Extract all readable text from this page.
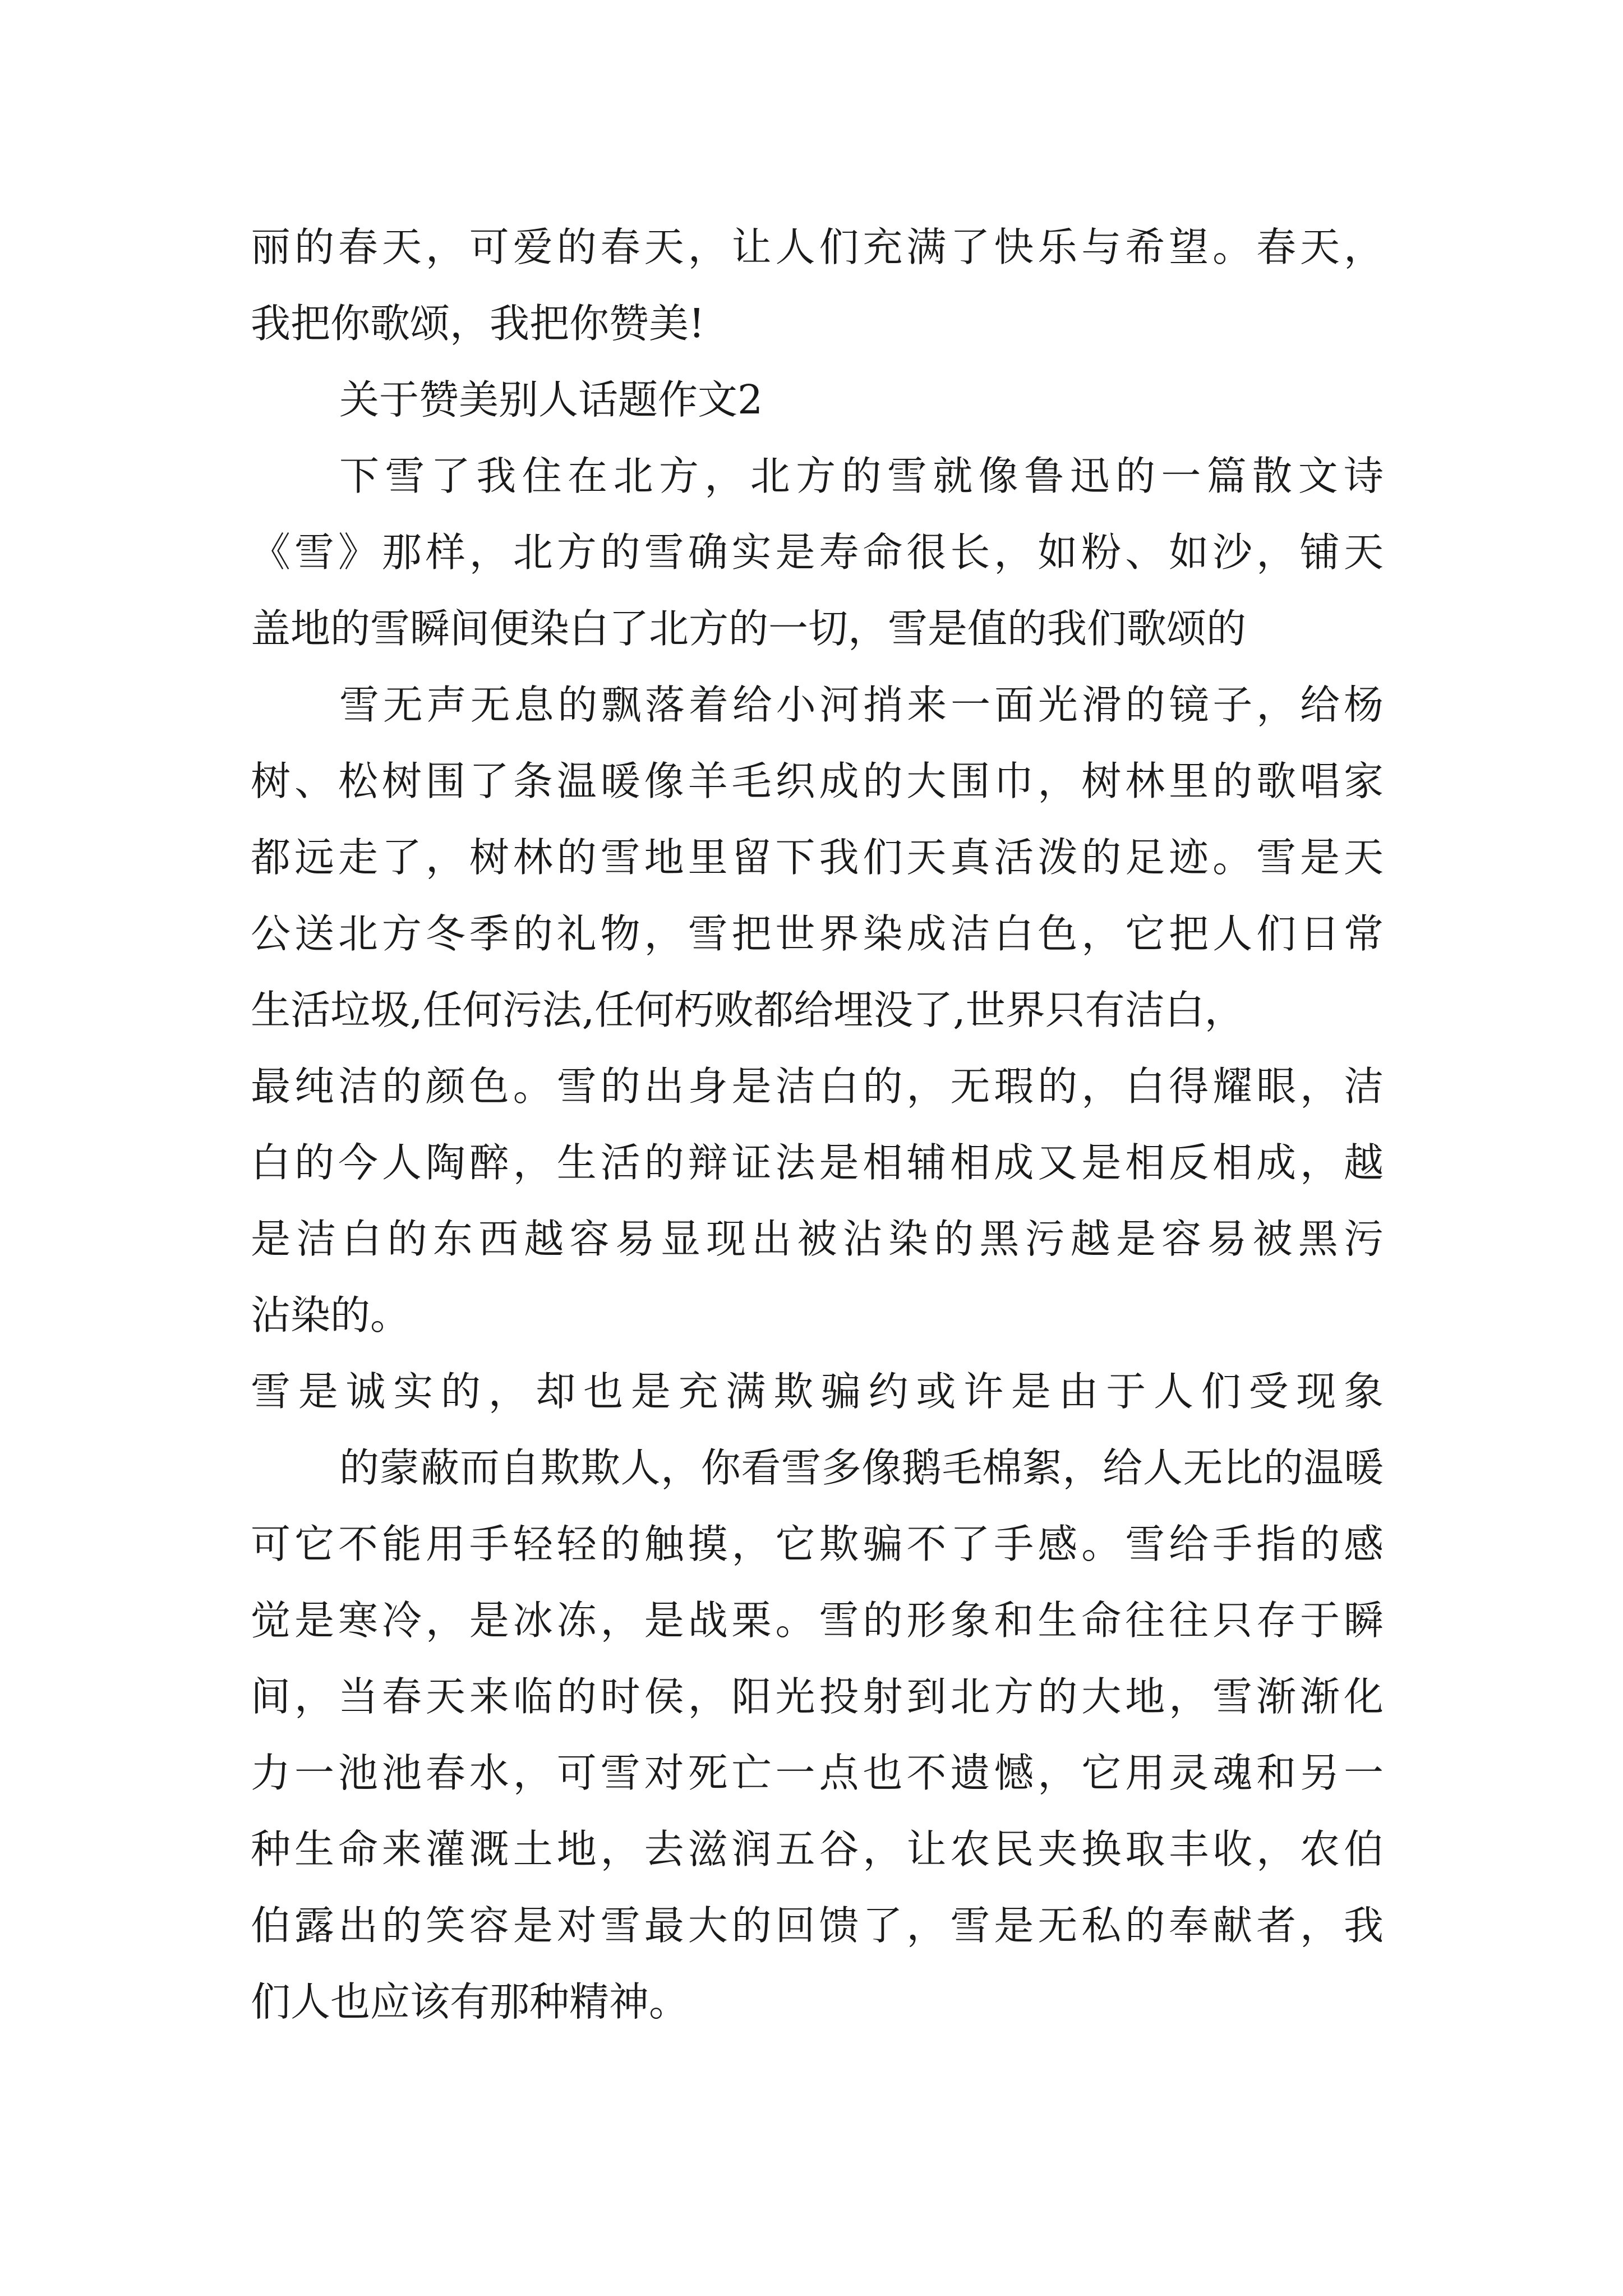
丽的春天，可爱的春天，让人们充满了快乐与希望。春天，
我把你歌颂，我把你赞美!
关于赞美别人话题作文2
下雪了我住在北方，北方的雪就像鲁迅的一篇散文诗
《雪》那样，北方的雪确实是寿命很长，如粉、如沙，铺天
盖地的雪瞬间便染白了北方的一切，雪是值的我们歌颂的
雪无声无息的飘落着给小河捎来一面光滑的镜子，给杨
树、松树围了条温暖像羊毛织成的大围巾，树林里的歌唱家
都远走了，树林的雪地里留下我们天真活泼的足迹。雪是天
公送北方冬季的礼物，雪把世界染成洁白色，它把人们日常
生活垃圾,任何污法,任何朽败都给埋没了,世界只有洁白，
最纯洁的颜色。雪的出身是洁白的，无瑕的，白得耀眼，洁
白的今人陶醉，生活的辩证法是相辅相成又是相反相成，越
是洁白的东西越容易显现出被沾染的黑污越是容易被黑污
沾染的。
雪是诚实的，却也是充满欺骗约或许是由于人们受现象
的蒙蔽而自欺欺人，你看雪多像鹅毛棉絮，给人无比的温暖
可它不能用手轻轻的触摸，它欺骗不了手感。雪给手指的感
觉是寒冷，是冰冻，是战栗。雪的形象和生命往往只存于瞬
间，当春天来临的时侯，阳光投射到北方的大地，雪渐渐化
力一池池春水，可雪对死亡一点也不遗憾，它用灵魂和另一
种生命来灌溉土地，去滋润五谷，让农民夹换取丰收，农伯
伯露出的笑容是对雪最大的回馈了，雪是无私的奉献者，我
们人也应该有那种精神。
